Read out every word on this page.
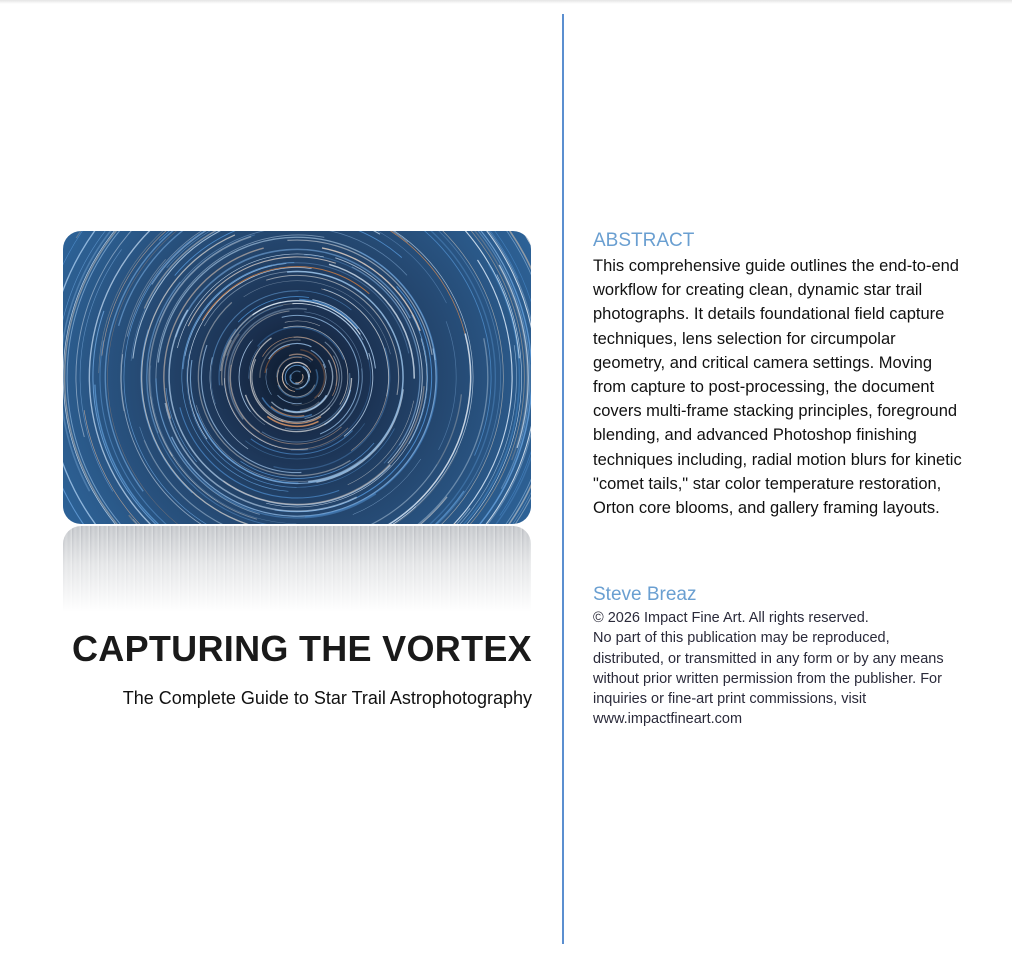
CAPTURING THE VORTEX

The Complete Guide to Star Trail Astrophotography

ABSTRACT

This comprehensive guide outlines the end-to-end workflow for creating clean, dynamic star trail photographs. It details foundational field capture techniques, lens selection for circumpolar geometry, and critical camera settings. Moving from capture to post-processing, the document covers multi-frame stacking principles, foreground blending, and advanced Photoshop finishing techniques including, radial motion blurs for kinetic "comet tails," star color temperature restoration, Orton core blooms, and gallery framing layouts.

Steve Breaz

© 2026 Impact Fine Art. All rights reserved.
No part of this publication may be reproduced, distributed, or transmitted in any form or by any means without prior written permission from the publisher. For inquiries or fine-art print commissions, visit www.impactfineart.com
